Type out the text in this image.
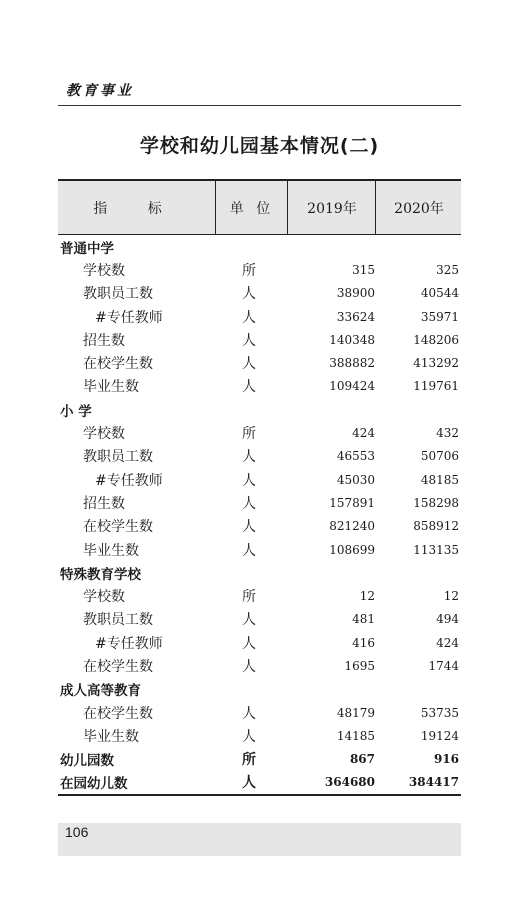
教育事业
学校和幼儿园基本情况(二)
指 标	单 位	2019年	2020年
普通中学
学校数	所	315	325
教职员工数	人	38900	40544
#专任教师	人	33624	35971
招生数	人	140348	148206
在校学生数	人	388882	413292
毕业生数	人	109424	119761
小 学
学校数	所	424	432
教职员工数	人	46553	50706
#专任教师	人	45030	48185
招生数	人	157891	158298
在校学生数	人	821240	858912
毕业生数	人	108699	113135
特殊教育学校
学校数	所	12	12
教职员工数	人	481	494
#专任教师	人	416	424
在校学生数	人	1695	1744
成人高等教育
在校学生数	人	48179	53735
毕业生数	人	14185	19124
幼儿园数	所	867	916
在园幼儿数	人	364680	384417
106
